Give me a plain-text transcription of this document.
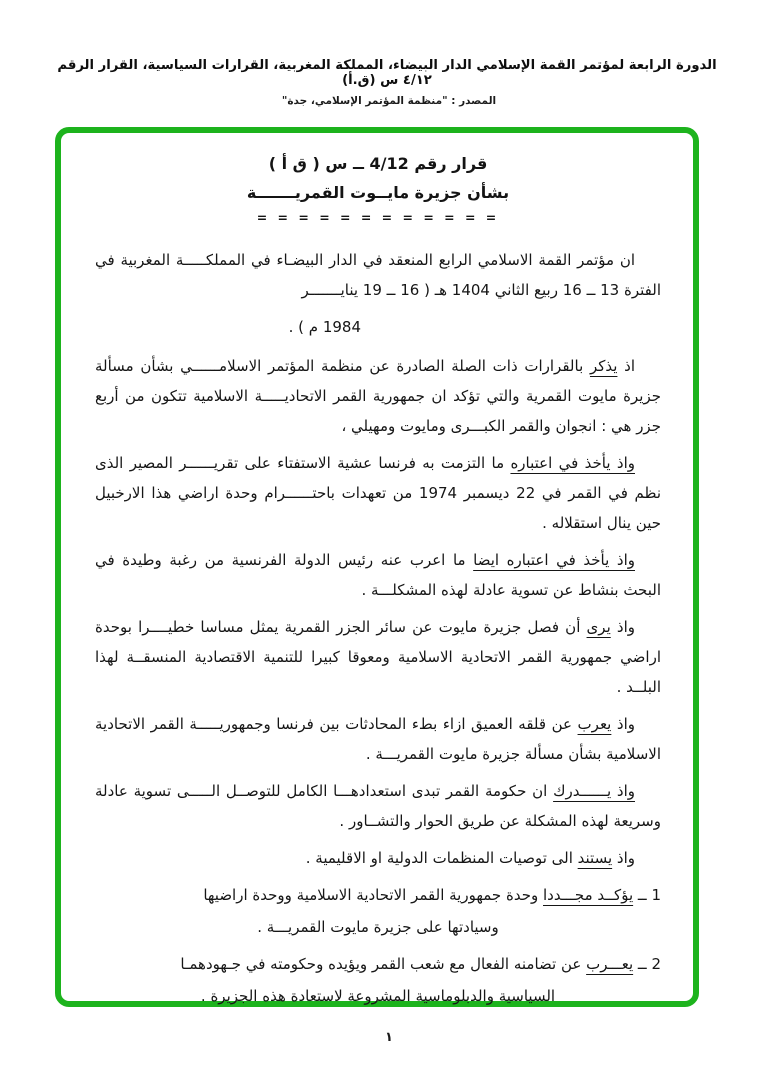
الدورة الرابعة لمؤتمر القمة الإسلامي الدار البيضاء، المملكة المغربية، القرارات السياسية، القرار الرقم ٤/١٢ س (ق.أ)
المصدر : "منظمة المؤتمر الإسلامي، جدة"
قرار رقم 4/12 ــ س ( ق أ )
بشأن جزيرة مايــوت القمريـــــــة
= = = = = = = = = = = =
ان مؤتمر القمة الاسلامي الرابع المنعقد في الدار البيضـاء في المملكـــــة المغربية في الفترة 13 ــ 16 ربيع الثاني 1404 هـ ( 16 ــ 19 ينايـــــــر
1984 م ) .
اذ يذكر بالقرارات ذات الصلة الصادرة عن منظمة المؤتمر الاسلامــــــي بشأن مسألة جزيرة مايوت القمرية والتي تؤكد ان جمهورية القمر الاتحاديـــــة الاسلامية تتكون من أربع جزر هي : انجوان والقمر الكبـــرى ومايوت ومهيلي ،
واذ يأخذ في اعتباره ما التزمت به فرنسا عشية الاستفتاء على تقريــــــر المصير الذى نظم في القمر في 22 ديسمبر 1974 من تعهدات باحتــــــرام وحدة اراضي هذا الارخبيل حين ينال استقلاله .
واذ يأخذ في اعتباره ايضا ما اعرب عنه رئيس الدولة الفرنسية من رغبة وطيدة في البحث بنشاط عن تسوية عادلة لهذه المشكلـــة .
واذ يرى أن فصل جزيرة مايوت عن سائر الجزر القمرية يمثل مساسا خطيــــرا بوحدة اراضي جمهورية القمر الاتحادية الاسلامية ومعوقا كبيرا للتنمية الاقتصادية المنسقــة لهذا البلــد .
واذ يعرب عن قلقه العميق ازاء بطء المحادثات بين فرنسا وجمهوريـــــة القمر الاتحادية الاسلامية بشأن مسألة جزيرة مايوت القمريـــة .
واذ يــــــدرك ان حكومة القمر تبدى استعدادهـــا الكامل للتوصــل الـــــى تسوية عادلة وسريعة لهذه المشكلة عن طريق الحوار والتشــاور .
واذ يستند الى توصيات المنظمات الدولية او الاقليمية .
1 ــ يؤكــد مجـــددا وحدة جمهورية القمر الاتحادية الاسلامية ووحدة اراضيها
وسيادتها على جزيرة مايوت القمريـــة .
2 ــ يعـــرب عن تضامنه الفعال مع شعب القمر ويؤيده وحكومته في جـهودهمـا
السياسية والدبلوماسية المشروعة لاستعادة هذه الجزيرة .
١
